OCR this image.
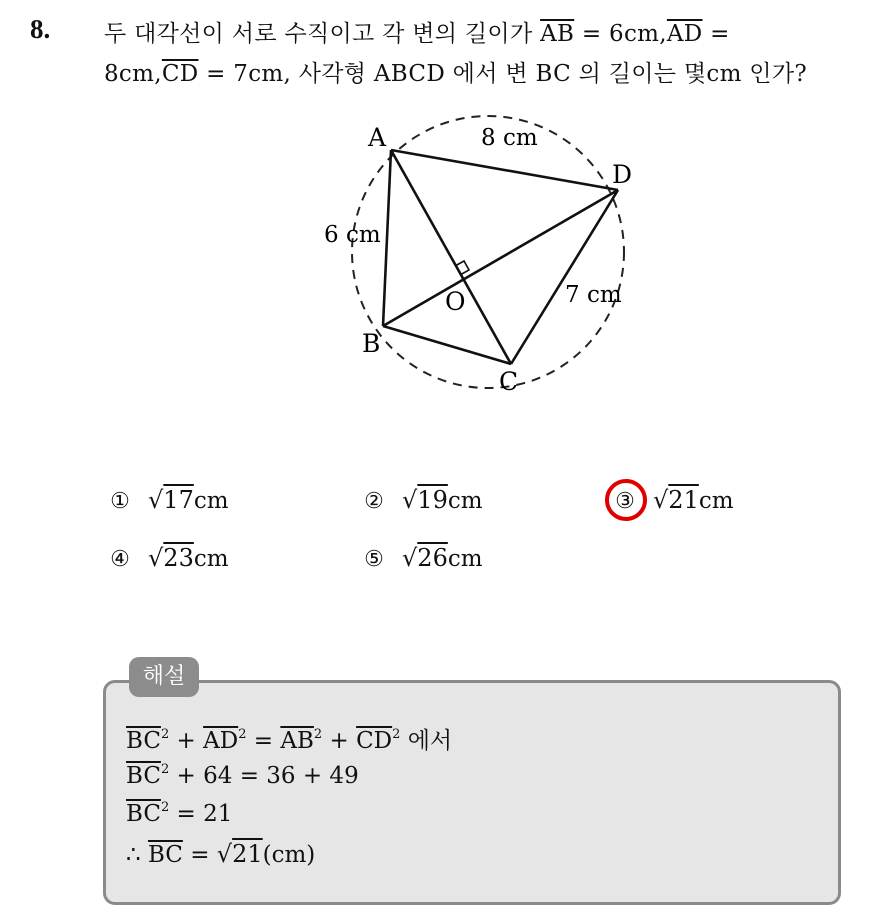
8. 두 대각선이 서로 수직이고 각 변의 길이가 $\overline{AB} = 6cm,\overline{AD}$ =
$8cm,\overline{CD} = 7cm$, 사각형 ABCD 에서 변 BC 의 길이는 몇cm 인가?
A
B
C
D
O
8 cm
6 cm
7 cm
① √17cm	② √19cm	③ √21cm
④ √23cm	⑤ √26cm
해설
$\overline{BC}^2 + \overline{AD}^2 = \overline{AB}^2 + \overline{CD}^2$ 에서
$\overline{BC}^2 + 64 = 36 + 49$
$\overline{BC}^2 = 21$
∴ $\overline{BC} = √21(cm)$
